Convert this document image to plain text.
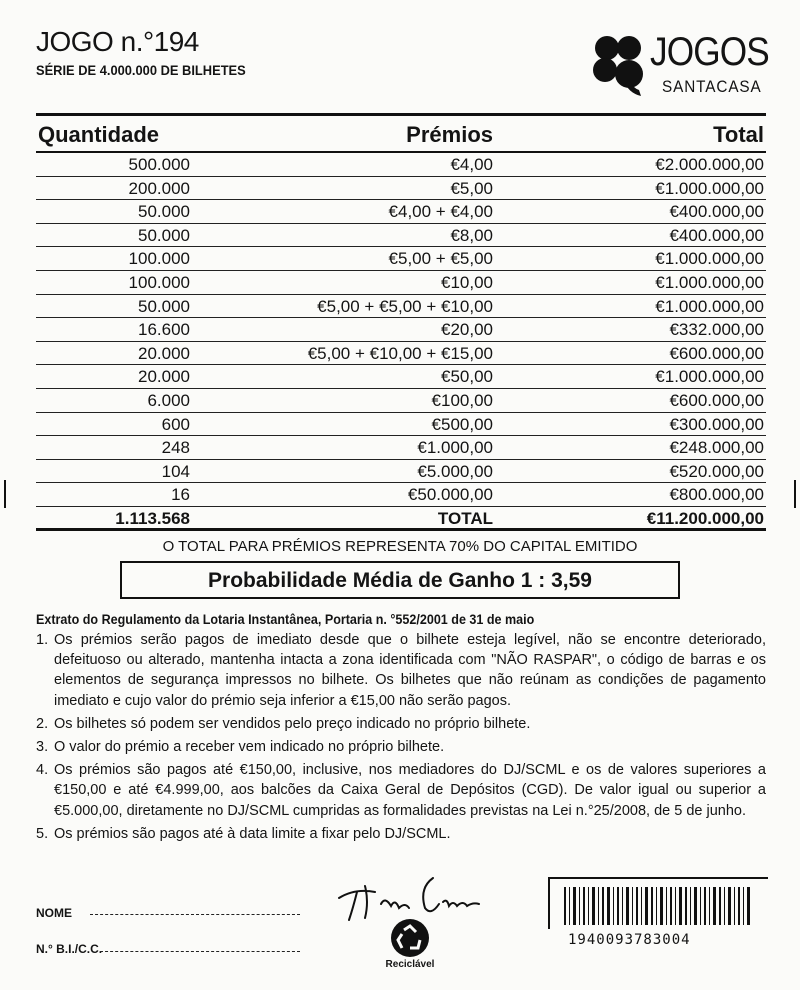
JOGO n.°194
SÉRIE DE 4.000.000 DE BILHETES	JOGOS
SANTACASA
Quantidade	Prémios	Total
500.000	€4,00	€2.000.000,00
200.000	€5,00	€1.000.000,00
50.000	€4,00 + €4,00	€400.000,00
50.000	€8,00	€400.000,00
100.000	€5,00 + €5,00	€1.000.000,00
100.000	€10,00	€1.000.000,00
50.000	€5,00 + €5,00 + €10,00	€1.000.000,00
16.600	€20,00	€332.000,00
20.000	€5,00 + €10,00 + €15,00	€600.000,00
20.000	€50,00	€1.000.000,00
6.000	€100,00	€600.000,00
600	€500,00	€300.000,00
248	€1.000,00	€248.000,00
104	€5.000,00	€520.000,00
16	€50.000,00	€800.000,00
1.113.568	TOTAL	€11.200.000,00
O TOTAL PARA PRÉMIOS REPRESENTA 70% DO CAPITAL EMITIDO
Probabilidade Média de Ganho 1 : 3,59
Extrato do Regulamento da Lotaria Instantânea, Portaria n. °552/2001 de 31 de maio
1. Os prémios serão pagos de imediato desde que o bilhete esteja legível, não se encontre deteriorado, defeituoso ou alterado, mantenha intacta a zona identificada com "NÃO RASPAR", o código de barras e os elementos de segurança impressos no bilhete. Os bilhetes que não reúnam as condições de pagamento imediato e cujo valor do prémio seja inferior a €15,00 não serão pagos.
2. Os bilhetes só podem ser vendidos pelo preço indicado no próprio bilhete.
3. O valor do prémio a receber vem indicado no próprio bilhete.
4. Os prémios são pagos até €150,00, inclusive, nos mediadores do DJ/SCML e os de valores superiores a €150,00 e até €4.999,00, aos balcões da Caixa Geral de Depósitos (CGD). De valor igual ou superior a €5.000,00, diretamente no DJ/SCML cumpridas as formalidades previstas na Lei n.°25/2008, de 5 de junho.
5. Os prémios são pagos até à data limite a fixar pelo DJ/SCML.
NOME
N.° B.I./C.C.
Reciclável
1940093783004
